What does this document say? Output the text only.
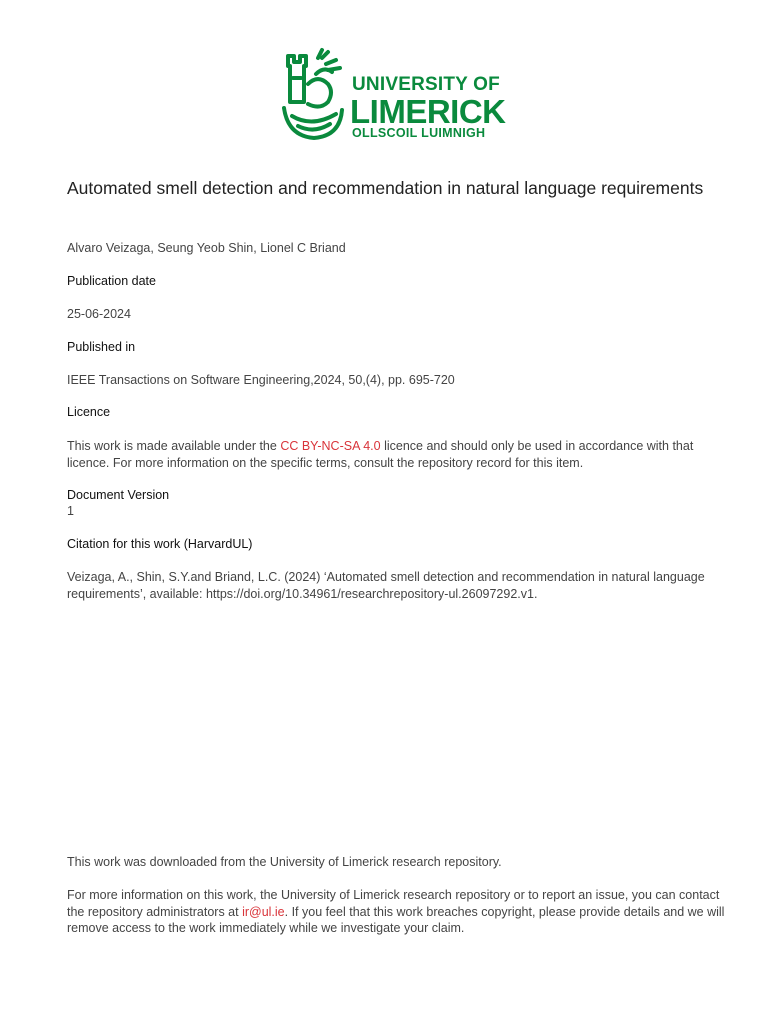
UNIVERSITY OF
LIMERICK
OLLSCOIL LUIMNIGH
Automated smell detection and recommendation in natural language requirements
Alvaro Veizaga, Seung Yeob Shin, Lionel C Briand
Publication date
25-06-2024
Published in
IEEE Transactions on Software Engineering,2024, 50,(4), pp. 695-720
Licence
This work is made available under the CC BY-NC-SA 4.0 licence and should only be used in accordance with that licence. For more information on the specific terms, consult the repository record for this item.
Document Version
1
Citation for this work (HarvardUL)
Veizaga, A., Shin, S.Y.and Briand, L.C. (2024) ‘Automated smell detection and recommendation in natural language requirements’, available: https://doi.org/10.34961/researchrepository-ul.26097292.v1.
This work was downloaded from the University of Limerick research repository.
For more information on this work, the University of Limerick research repository or to report an issue, you can contact the repository administrators at ir@ul.ie. If you feel that this work breaches copyright, please provide details and we will remove access to the work immediately while we investigate your claim.
